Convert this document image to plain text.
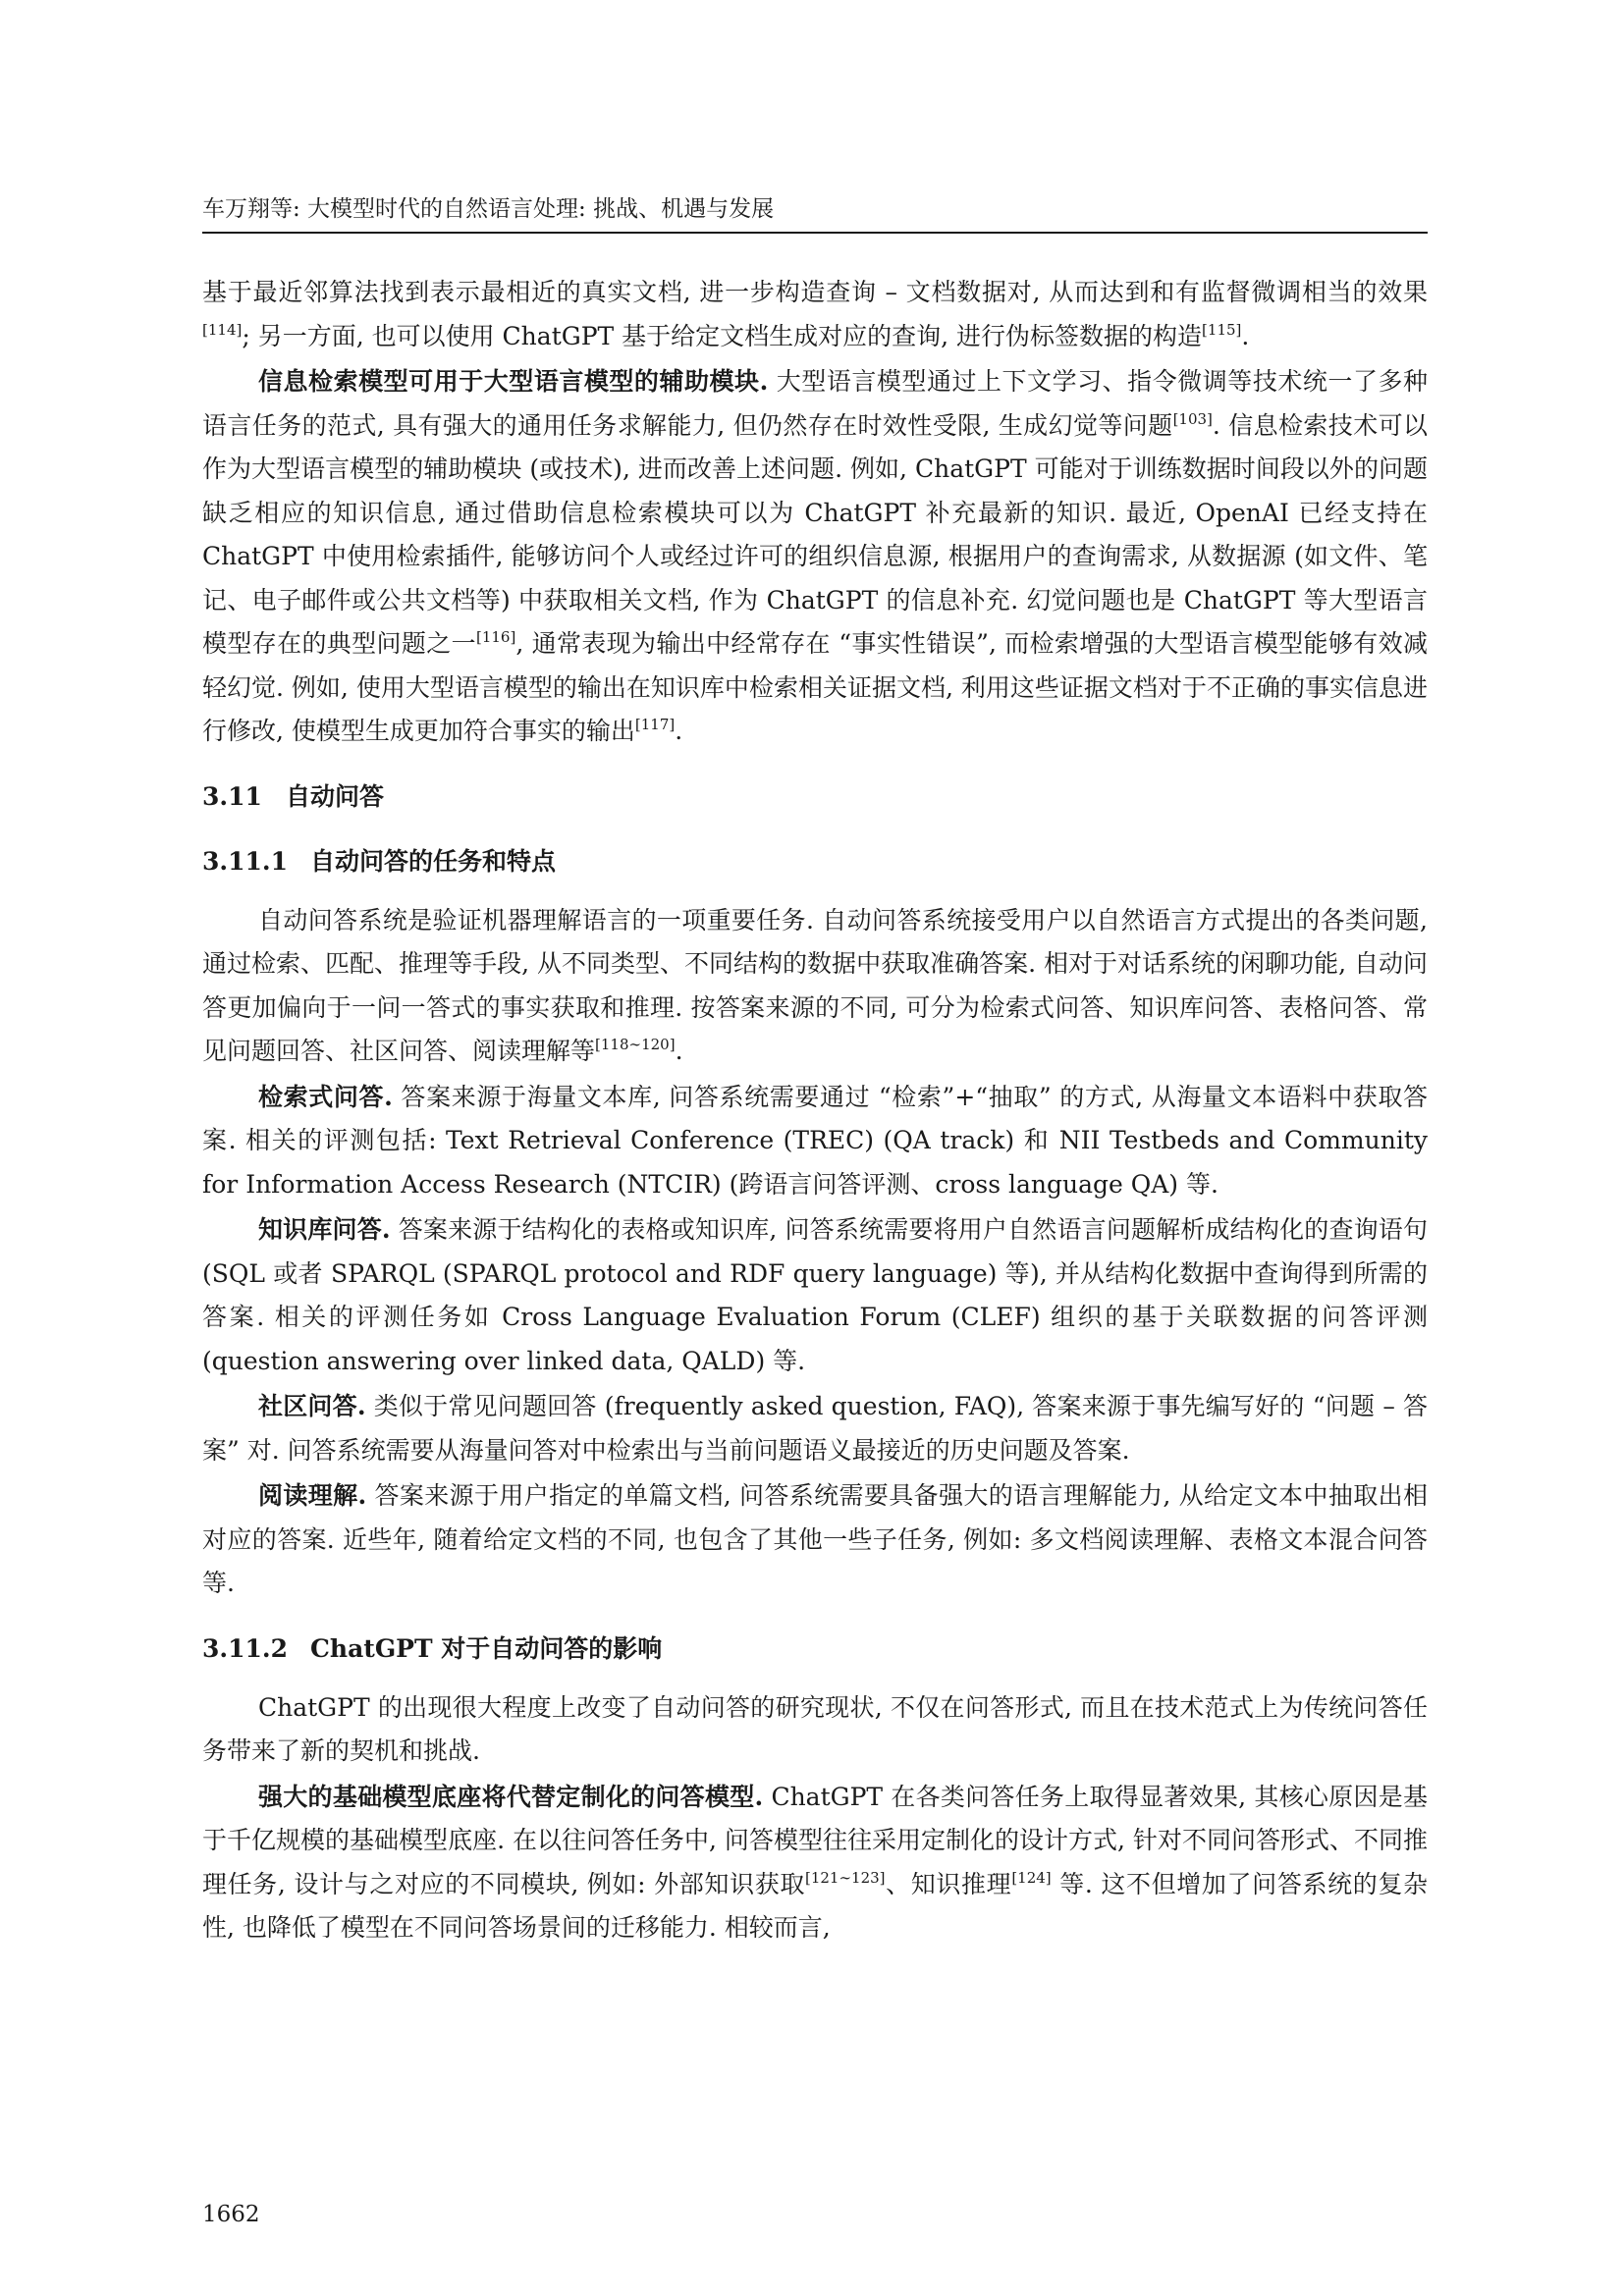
车万翔等: 大模型时代的自然语言处理: 挑战、机遇与发展

基于最近邻算法找到表示最相近的真实文档, 进一步构造查询 – 文档数据对, 从而达到和有监督微调相当的效果[114]; 另一方面, 也可以使用 ChatGPT 基于给定文档生成对应的查询, 进行伪标签数据的构造[115].

信息检索模型可用于大型语言模型的辅助模块. 大型语言模型通过上下文学习、指令微调等技术统一了多种语言任务的范式, 具有强大的通用任务求解能力, 但仍然存在时效性受限, 生成幻觉等问题[103]. 信息检索技术可以作为大型语言模型的辅助模块 (或技术), 进而改善上述问题. 例如, ChatGPT 可能对于训练数据时间段以外的问题缺乏相应的知识信息, 通过借助信息检索模块可以为 ChatGPT 补充最新的知识. 最近, OpenAI 已经支持在 ChatGPT 中使用检索插件, 能够访问个人或经过许可的组织信息源, 根据用户的查询需求, 从数据源 (如文件、笔记、电子邮件或公共文档等) 中获取相关文档, 作为 ChatGPT 的信息补充. 幻觉问题也是 ChatGPT 等大型语言模型存在的典型问题之一[116], 通常表现为输出中经常存在 “事实性错误”, 而检索增强的大型语言模型能够有效减轻幻觉. 例如, 使用大型语言模型的输出在知识库中检索相关证据文档, 利用这些证据文档对于不正确的事实信息进行修改, 使模型生成更加符合事实的输出[117].

3.11 自动问答
3.11.1 自动问答的任务和特点

自动问答系统是验证机器理解语言的一项重要任务. 自动问答系统接受用户以自然语言方式提出的各类问题, 通过检索、匹配、推理等手段, 从不同类型、不同结构的数据中获取准确答案. 相对于对话系统的闲聊功能, 自动问答更加偏向于一问一答式的事实获取和推理. 按答案来源的不同, 可分为检索式问答、知识库问答、表格问答、常见问题回答、社区问答、阅读理解等[118∼120].

检索式问答. 答案来源于海量文本库, 问答系统需要通过 “检索”+“抽取” 的方式, 从海量文本语料中获取答案. 相关的评测包括: Text Retrieval Conference (TREC) (QA track) 和 NII Testbeds and Community for Information Access Research (NTCIR) (跨语言问答评测、cross language QA) 等.

知识库问答. 答案来源于结构化的表格或知识库, 问答系统需要将用户自然语言问题解析成结构化的查询语句 (SQL 或者 SPARQL (SPARQL protocol and RDF query language) 等), 并从结构化数据中查询得到所需的答案. 相关的评测任务如 Cross Language Evaluation Forum (CLEF) 组织的基于关联数据的问答评测 (question answering over linked data, QALD) 等.

社区问答. 类似于常见问题回答 (frequently asked question, FAQ), 答案来源于事先编写好的 “问题 – 答案” 对. 问答系统需要从海量问答对中检索出与当前问题语义最接近的历史问题及答案.

阅读理解. 答案来源于用户指定的单篇文档, 问答系统需要具备强大的语言理解能力, 从给定文本中抽取出相对应的答案. 近些年, 随着给定文档的不同, 也包含了其他一些子任务, 例如: 多文档阅读理解、表格文本混合问答等.

3.11.2 ChatGPT 对于自动问答的影响

ChatGPT 的出现很大程度上改变了自动问答的研究现状, 不仅在问答形式, 而且在技术范式上为传统问答任务带来了新的契机和挑战.

强大的基础模型底座将代替定制化的问答模型. ChatGPT 在各类问答任务上取得显著效果, 其核心原因是基于千亿规模的基础模型底座. 在以往问答任务中, 问答模型往往采用定制化的设计方式, 针对不同问答形式、不同推理任务, 设计与之对应的不同模块, 例如: 外部知识获取[121∼123]、知识推理[124] 等. 这不但增加了问答系统的复杂性, 也降低了模型在不同问答场景间的迁移能力. 相较而言,

1662
